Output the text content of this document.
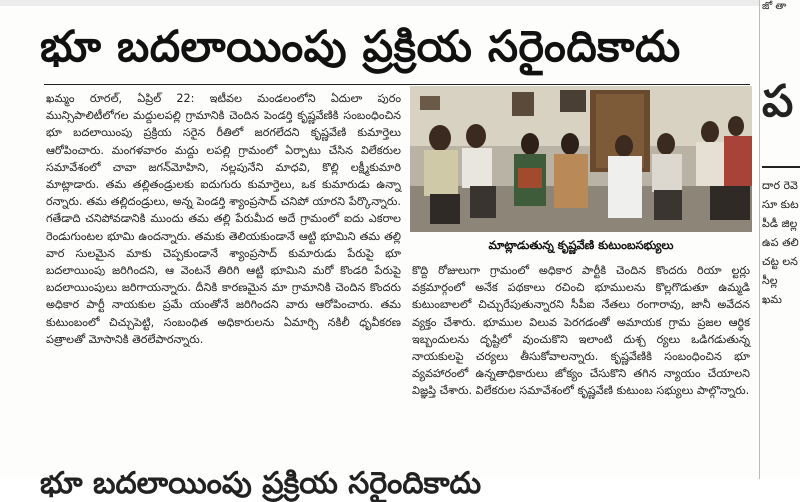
భూ బదలాయింపు ప్రక్రియ సరైందికాదు

ఖమ్మం రూరల్, ఏప్రిల్ 22: ఇటీవల మండలంలోని ఏదులా పురం మున్సిపాలిటీలోగల మద్దులపల్లి గ్రామానికి చెందిన పెండర్తి కృష్ణవేణికి సంబంధించిన భూ బదలాయింపు ప్రక్రియ సరైన రీతిలో జరగలేదని కృష్ణవేణి కుమార్తెలు ఆరోపించారు. మంగళవారం మద్దు లపల్లి గ్రామంలో ఏర్పాటు చేసిన విలేకరుల సమావేశంలో చావా జగన్‌మోహిని, నల్లపునేని మాధవి, కొల్లి లక్ష్మీకుమారి మాట్లాడారు. తమ తల్లితండ్రులకు ఐదుగురు కుమార్తెలు, ఒక కుమారుడు ఉన్నా రన్నారు. తమ తల్లిదండ్రులు, అన్న పెండర్తి శ్యాంప్రసాద్ చనిపో యారని పేర్కొన్నారు. గతేడాది చనిపోవడానికి ముందు తమ తల్లి పేరుమీద అదే గ్రామంలో ఐదు ఎకరాల రెండుగుంటల భూమి ఉందన్నారు. తమకు తెలియకుండానే ఆట్టి భూమిని తమ తల్లి వార సులమైన మాకు చెప్పకుండానే శ్యాంప్రసాద్ కుమారుడు పేరుపై భూ బదలాయింపు జరిగిందని, ఆ వెంటనే తిరిగి ఆట్టి భూమిని మరో కొండరి పేరుపై బదలాయింపులు జరిగాయన్నారు. దీనికి కారణమైన మా గ్రామానికి చెందిన కొందరు అధికార పార్టీ నాయకుల ప్రమే యంతోనే జరిగిందని వారు ఆరోపించారు. తమ కుటుంబంలో చిచ్చుపెట్టి, సంబంధిత అధికారులను ఏమార్చి నకిలీ ధృవీకరణ పత్రాలతో మోసానికి తెరలేపారన్నారు.

మాట్లాడుతున్న కృష్ణవేణి కుటుంబసభ్యులు

కొద్ది రోజులుగా గ్రామంలో అధికార పార్టీకి చెందిన కొందరు రియా ల్టర్లు వక్రమార్గంలో అనేక పథకాలు రచించి భూములను కొల్లగొడుతూ ఉమ్మడి కుటుంబాలలో చిచ్చురేపుతున్నారని సీపీఐ నేతలు రంగారావు, జానీ అవేదన వ్యక్తం చేశారు. భూముల విలువ పెరగడంతో అమాయక గ్రామ ప్రజల ఆర్థిక ఇబ్బందులను దృష్టిలో వుంచుకొని ఇలాంటి దుశ్చ ర్యలు ఒడిగడుతున్న నాయకులపై చర్యలు తీసుకోవాలన్నారు. కృష్ణవేణికి సంబంధించిన భూ వ్యవహారంలో ఉన్నతాధికారులు జోక్యం చేసుకొని తగిన న్యాయం చేయాలని విజ్ఞప్తి చేశారు. విలేకరుల సమావేశంలో కృష్ణవేణి కుటుంబ సభ్యులు పాల్గొన్నారు.

జో తా
ప
దార రెవె సూ కుట పీడీ జిల్ల ఉప తలి చట్ట లన సీల్ల ఖమ
భూ బదలాయింపు ప్రక్రియ సరైందికాదు
